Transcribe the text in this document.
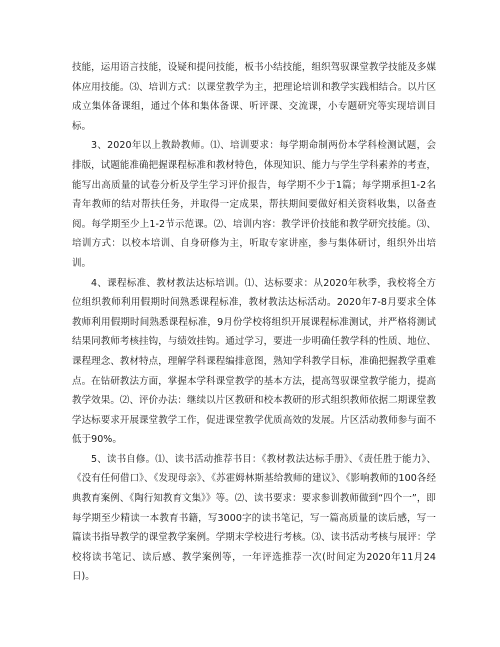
技能，运用语言技能，设疑和提问技能，板书小结技能，组织驾驭课堂教学技能及多媒体应用技能。⑶、培训方式：以课堂教学为主，把理论培训和教学实践相结合。以片区成立集体备课组，通过个体和集体备课、听评课、交流课，小专题研究等实现培训目标。

3、2020年以上教龄教师。⑴、培训要求：每学期命制两份本学科检测试题，会排版，试题能准确把握课程标准和教材特色，体现知识、能力与学生学科素养的考查，能写出高质量的试卷分析及学生学习评价报告，每学期不少于1篇；每学期承担1-2名青年教师的结对帮扶任务，并取得一定成果，帮扶期间要做好相关资料收集，以备查阅。每学期至少上1-2节示范课。⑵、培训内容：教学评价技能和教学研究技能。⑶、培训方式：以校本培训、自身研修为主，听取专家讲座，参与集体研讨，组织外出培训。

4、课程标准、教材教法达标培训。⑴、达标要求：从2020年秋季，我校将全方位组织教师利用假期时间熟悉课程标准，教材教法达标活动。2020年7-8月要求全体教师利用假期时间熟悉课程标准，9月份学校将组织开展课程标准测试，并严格将测试结果同教师考核挂钩，与绩效挂钩。通过学习，要进一步明确任教学科的性质、地位、课程理念、教材特点，理解学科课程编排意图，熟知学科教学目标，准确把握教学重难点。在钻研教法方面，掌握本学科课堂教学的基本方法，提高驾驭课堂教学能力，提高教学效果。⑵、评价办法：继续以片区教研和校本教研的形式组织教师依据二期课堂教学达标要求开展课堂教学工作，促进课堂教学优质高效的发展。片区活动教师参与面不低于90%。

5、读书自修。⑴、读书活动推荐书目：《教材教法达标手册》、《责任胜于能力》、《没有任何借口》、《发现母亲》、《苏霍姆林斯基给教师的建议》、《影响教师的100各经典教育案例、《陶行知教育文集》》等。⑵、读书要求：要求参训教师做到“四个一”，即每学期至少精读一本教育书籍，写3000字的读书笔记，写一篇高质量的读后感，写一篇读书指导教学的课堂教学案例。学期末学校进行考核。⑶、读书活动考核与展评：学校将读书笔记、读后感、教学案例等，一年评选推荐一次(时间定为2020年11月24日)。
